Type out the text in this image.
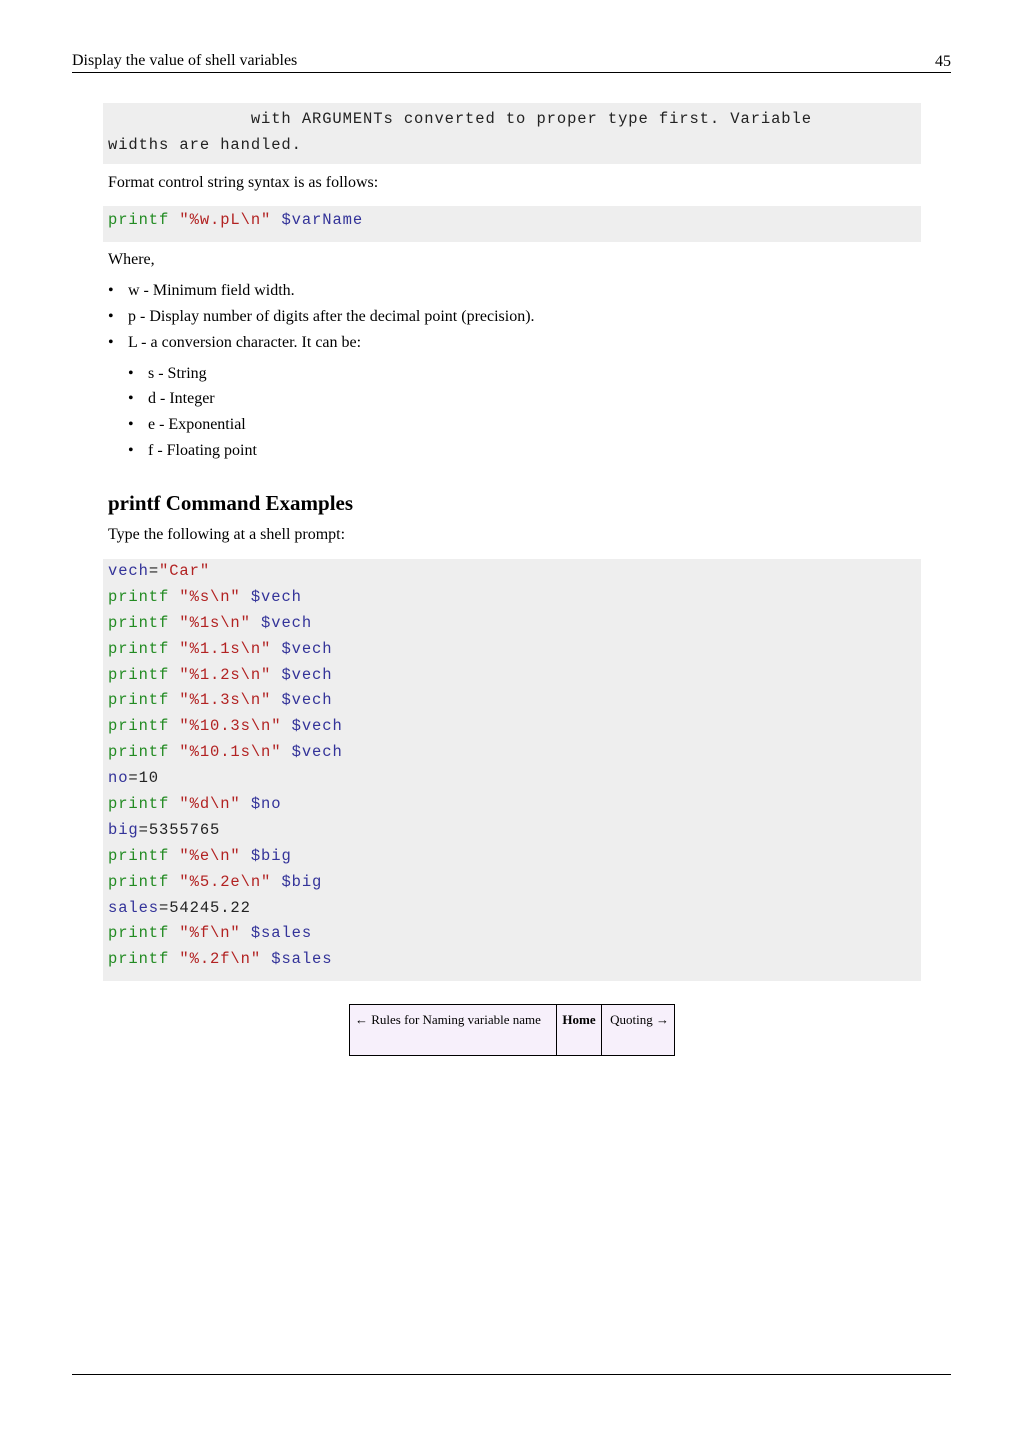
Display the value of shell variables	45
with ARGUMENTs converted to proper type first. Variable
widths are handled.
Format control string syntax is as follows:
printf "%w.pL\n" $varName
Where,
• w - Minimum field width.
• p - Display number of digits after the decimal point (precision).
• L - a conversion character. It can be:
• s - String
• d - Integer
• e - Exponential
• f - Floating point
printf Command Examples
Type the following at a shell prompt:
vech="Car"
printf "%s\n" $vech
printf "%1s\n" $vech
printf "%1.1s\n" $vech
printf "%1.2s\n" $vech
printf "%1.3s\n" $vech
printf "%10.3s\n" $vech
printf "%10.1s\n" $vech
no=10
printf "%d\n" $no
big=5355765
printf "%e\n" $big
printf "%5.2e\n" $big
sales=54245.22
printf "%f\n" $sales
printf "%.2f\n" $sales
← Rules for Naming variable name	Home	Quoting →
